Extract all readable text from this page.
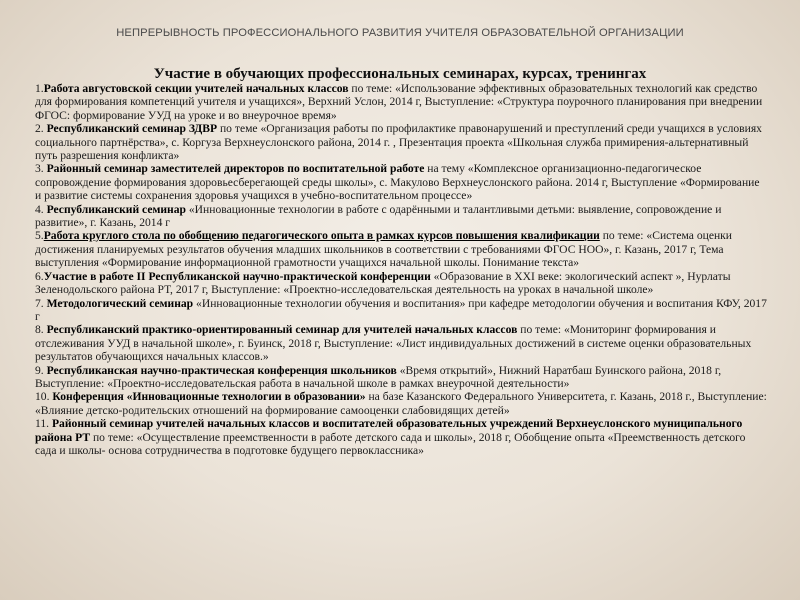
НЕПРЕРЫВНОСТЬ ПРОФЕССИОНАЛЬНОГО РАЗВИТИЯ УЧИТЕЛЯ ОБРАЗОВАТЕЛЬНОЙ ОРГАНИЗАЦИИ
Участие в обучающих профессиональных семинарах, курсах, тренингах

1.Работа августовской секции учителей начальных классов по теме: «Использование эффективных образовательных технологий как средство для формирования компетенций учителя и учащихся», Верхний Услон, 2014 г, Выступление: «Структура поурочного планирования при внедрении ФГОС: формирование УУД на уроке и во внеурочное время»

2. Республиканский семинар ЗДВР по теме «Организация работы по профилактике правонарушений и преступлений среди учащихся в условиях социального партнёрства», с. Коргуза Верхнеуслонского района, 2014 г. , Презентация проекта «Школьная служба примирения-альтернативный путь разрешения конфликта»

3. Районный семинар заместителей директоров по воспитательной работе на тему «Комплексное организационно-педагогическое сопровождение формирования здоровьесберегающей среды школы», с. Макулово Верхнеуслонского района. 2014 г, Выступление «Формирование и развитие системы сохранения здоровья учащихся в учебно-воспитательном процессе»

4. Республиканский семинар «Инновационные технологии в работе с одарёнными и талантливыми детьми: выявление, сопровождение и развитие», г. Казань, 2014 г

5.Работа круглого стола по обобщению педагогического опыта в рамках курсов повышения квалификации по теме: «Система оценки достижения планируемых результатов обучения младших школьников в соответствии с требованиями ФГОС НОО», г. Казань, 2017 г, Тема выступления «Формирование информационной грамотности учащихся начальной школы. Понимание текста»

6.Участие в работе II Республиканской научно-практической конференции «Образование в XXI веке: экологический аспект », Нурлаты Зеленодольского района РТ, 2017 г, Выступление: «Проектно-исследовательская деятельность на уроках в начальной школе»

7. Методологический семинар «Инновационные технологии обучения и воспитания» при кафедре методологии обучения и воспитания КФУ, 2017 г

8. Республиканский практико-ориентированный семинар для учителей начальных классов по теме: «Мониторинг формирования и отслеживания УУД в начальной школе», г. Буинск, 2018 г, Выступление: «Лист индивидуальных достижений в системе оценки образовательных результатов обучающихся начальных классов.»

9. Республиканская научно-практическая конференция школьников «Время открытий», Нижний Наратбаш Буинского района, 2018 г, Выступление: «Проектно-исследовательская работа в начальной школе в рамках внеурочной деятельности»

10. Конференция «Инновационные технологии в образовании» на базе Казанского Федерального Университета, г. Казань, 2018 г., Выступление: «Влияние детско-родительских отношений на формирование самооценки слабовидящих детей»

11. Районный семинар учителей начальных классов и воспитателей образовательных учреждений Верхнеуслонского муниципального района РТ по теме: «Осуществление преемственности в работе детского сада и школы», 2018 г, Обобщение опыта «Преемственность детского сада и школы- основа сотрудничества в подготовке будущего первоклассника»
